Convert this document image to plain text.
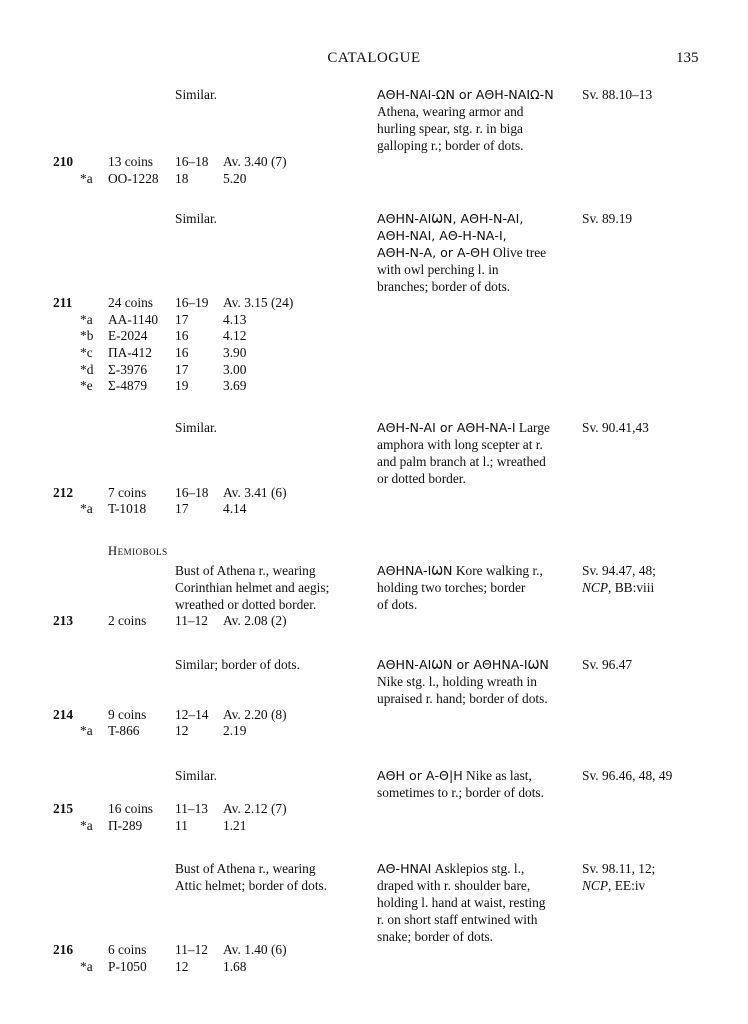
CATALOGUE	135
Similar.	ΑΘΗ-ΝΑΙ-ΩΝ or ΑΘΗ-ΝΑΙΩ-Ν
Athena, wearing armor and
hurling spear, stg. r. in biga
galloping r.; border of dots.
Sv. 88.10–13
210	13 coins 16–18 Av. 3.40 (7)
*a OO-1228 18	5.20
Similar.	ΑΘΗΝ-ΑΙѠΝ, ΑΘΗ-Ν-ΑΙ,
ΑΘΗ-ΝΑΙ, ΑΘ-Η-ΝΑ-Ι,
ΑΘΗ-Ν-Α, or Α-ΘΗ Olive tree
with owl perching l. in
branches; border of dots.
Sv. 89.19
211	24 coins 16–19 Av. 3.15 (24)
*a AA-1140 17	4.13
*b E-2024 16	4.12
*c ΠΑ-412 16	3.90
*d Σ-3976 17	3.00
*e Σ-4879 19	3.69
Similar.	ΑΘΗ-Ν-ΑΙ or ΑΘΗ-ΝΑ-Ι Large
amphora with long scepter at r.
and palm branch at l.; wreathed
or dotted border.
Sv. 90.41,43
212	7 coins 16–18 Av. 3.41 (6)
*a T-1018 17	4.14
Hemiobols
Bust of Athena r., wearing
Corinthian helmet and aegis;
wreathed or dotted border.
ΑΘΗΝΑ-ΙѠΝ Kore walking r.,
holding two torches; border
of dots.
Sv. 94.47, 48;
NCP, BB:viii
213	2 coins 11–12 Av. 2.08 (2)
Similar; border of dots.	ΑΘΗΝ-ΑΙѠΝ or ΑΘΗΝΑ-ΙѠΝ
Nike stg. l., holding wreath in
upraised r. hand; border of dots.
Sv. 96.47
214	9 coins 12–14 Av. 2.20 (8)
*a T-866	12	2.19
Similar.	ΑΘΗ or Α-Θ|Η Nike as last,
sometimes to r.; border of dots.
Sv. 96.46, 48, 49
215	16 coins 11–13 Av. 2.12 (7)
*a Π-289 11	1.21
Bust of Athena r., wearing
Attic helmet; border of dots.
ΑΘ-ΗΝΑΙ Asklepios stg. l.,
draped with r. shoulder bare,
holding l. hand at waist, resting
r. on short staff entwined with
snake; border of dots.
Sv. 98.11, 12;
NCP, EE:iv
216	6 coins 11–12 Av. 1.40 (6)
*a P-1050 12	1.68
